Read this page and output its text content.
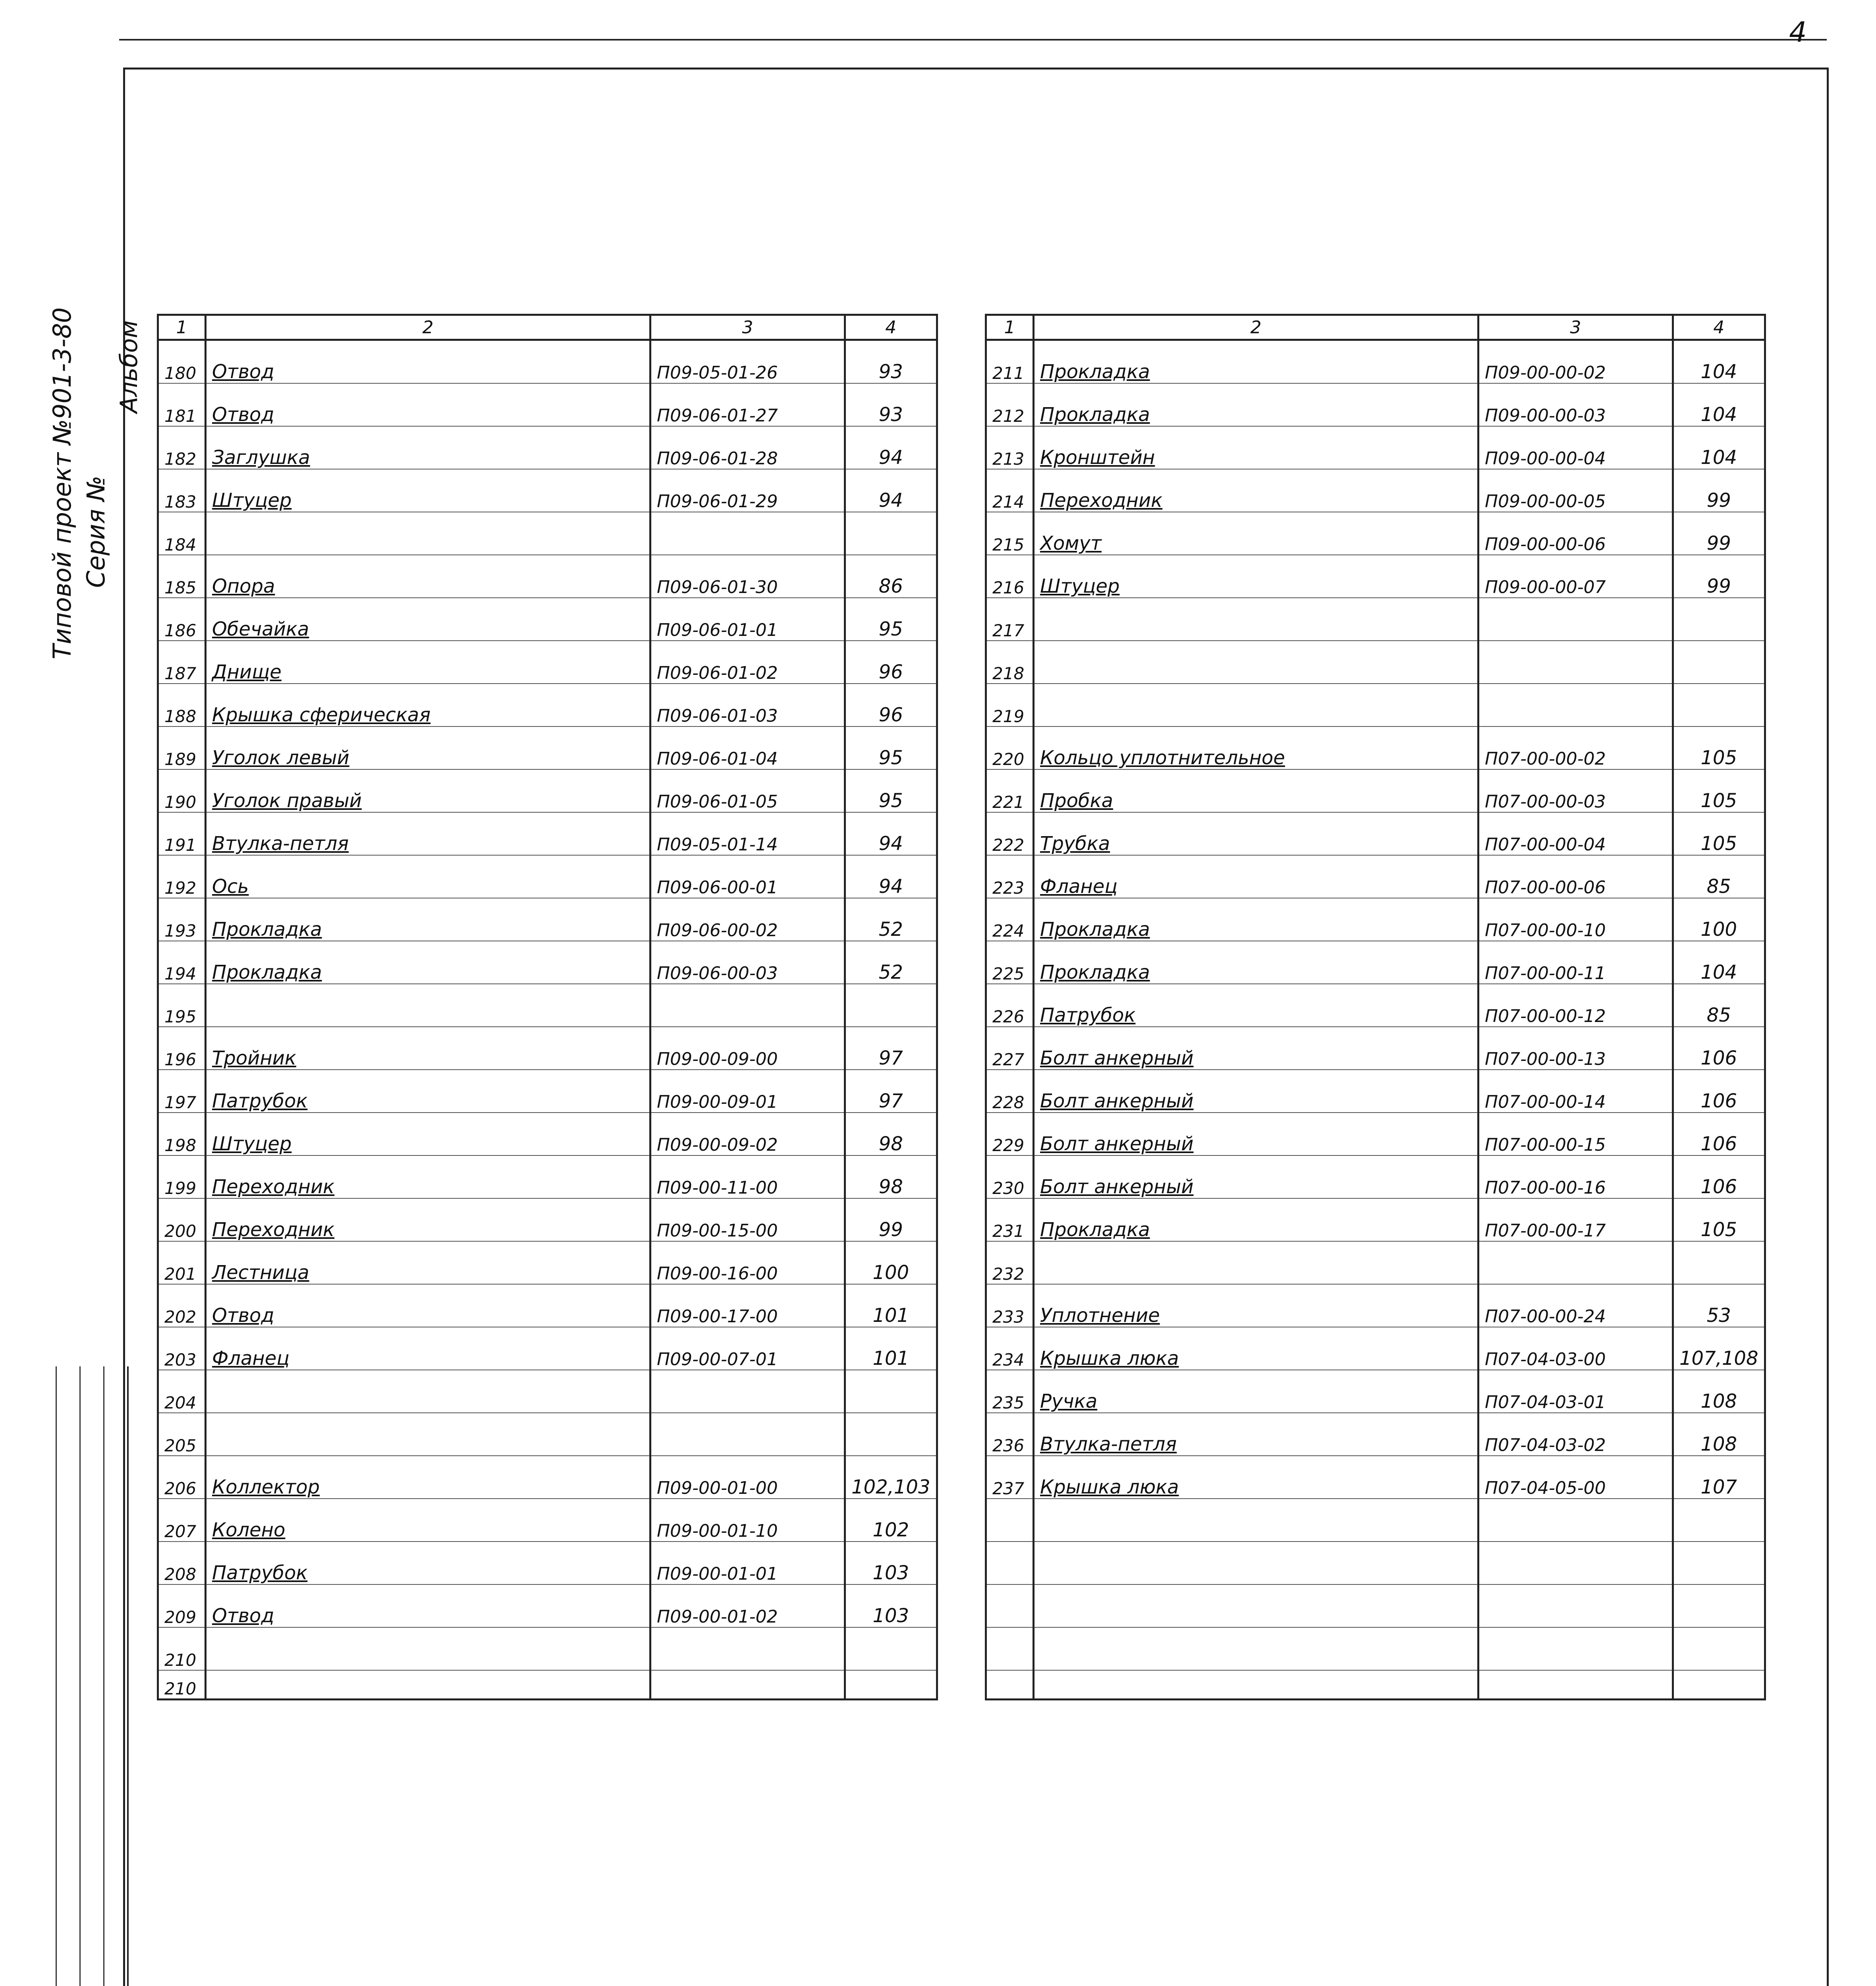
4
Типовой проект №901-3-80 Серия №
Альбом 1	2	3	4
180	Отвод	П09-05-01-26	93
181	Отвод	П09-06-01-27	93
182	Заглушка	П09-06-01-28	94
183	Штуцер	П09-06-01-29	94
184			
185	Опора	П09-06-01-30	86
186	Обечайка	П09-06-01-01	95
187	Днище	П09-06-01-02	96
188	Крышка сферическая	П09-06-01-03	96
189	Уголок левый	П09-06-01-04	95
190	Уголок правый	П09-06-01-05	95
191	Втулка-петля	П09-05-01-14	94
192	Ось	П09-06-00-01	94
193	Прокладка	П09-06-00-02	52
194	Прокладка	П09-06-00-03	52
195			
196	Тройник	П09-00-09-00	97
197	Патрубок	П09-00-09-01	97
198	Штуцер	П09-00-09-02	98
199	Переходник	П09-00-11-00	98
200	Переходник	П09-00-15-00	99
201	Лестница	П09-00-16-00	100
202	Отвод	П09-00-17-00	101
203	Фланец	П09-00-07-01	101
204			
205			
206	Коллектор	П09-00-01-00	102,103
207	Колено	П09-00-01-10	102
208	Патрубок	П09-00-01-01	103
209	Отвод	П09-00-01-02	103
210			
210			
1	2	3	4
211	Прокладка	П09-00-00-02	104
212	Прокладка	П09-00-00-03	104
213	Кронштейн	П09-00-00-04	104
214	Переходник	П09-00-00-05	99
215	Хомут	П09-00-00-06	99
216	Штуцер	П09-00-00-07	99
217			
218			
219			
220	Кольцо уплотнительное	П07-00-00-02	105
221	Пробка	П07-00-00-03	105
222	Трубка	П07-00-00-04	105
223	Фланец	П07-00-00-06	85
224	Прокладка	П07-00-00-10	100
225	Прокладка	П07-00-00-11	104
226	Патрубок	П07-00-00-12	85
227	Болт анкерный	П07-00-00-13	106
228	Болт анкерный	П07-00-00-14	106
229	Болт анкерный	П07-00-00-15	106
230	Болт анкерный	П07-00-00-16	106
231	Прокладка	П07-00-00-17	105
232			
233	Уплотнение	П07-00-00-24	53
234	Крышка люка	П07-04-03-00	107,108
235	Ручка	П07-04-03-01	108
236	Втулка-петля	П07-04-03-02	108
237	Крышка люка	П07-04-05-00	107
